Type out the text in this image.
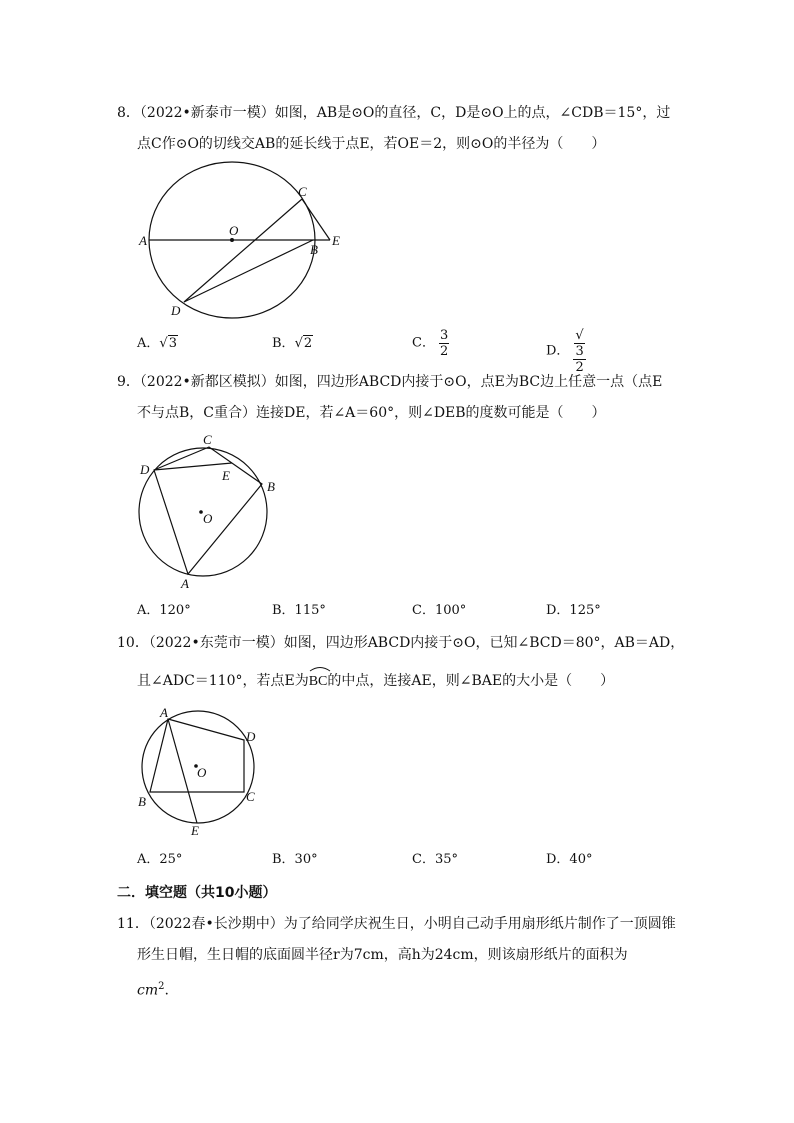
8．（2022•新泰市一模）如图，AB是⊙O的直径，C，D是⊙O上的点，∠CDB＝15°，过
点C作⊙O的切线交AB的延长线于点E，若OE＝2，则⊙O的半径为（　　）
A
O
C
B
E
D
A．√3	B．√2	C． $\frac{3}{2}$	D． √
3
2
9．（2022•新都区模拟）如图，四边形ABCD内接于⊙O，点E为BC边上任意一点（点E
不与点B，C重合）连接DE，若∠A＝60°，则∠DEB的度数可能是（　　）
C
D	E
B
O
A
A．120°	B．115°	C．100°	D．125°
10．（2022•东莞市一模）如图，四边形ABCD内接于⊙O，已知∠BCD＝80°，AB＝AD，
且∠ADC＝110°，若点E为
BC的中点，连接AE，则∠BAE的大小是（　　）
A
D
O
B	C
E
A．25°	B．30°	C．35°	D．40°
二．填空题（共10小题）
11．（2022春•长沙期中）为了给同学庆祝生日，小明自己动手用扇形纸片制作了一顶圆锥
形生日帽，生日帽的底面圆半径r为7cm，高h为24cm，则该扇形纸片的面积为
$cm^2$.
